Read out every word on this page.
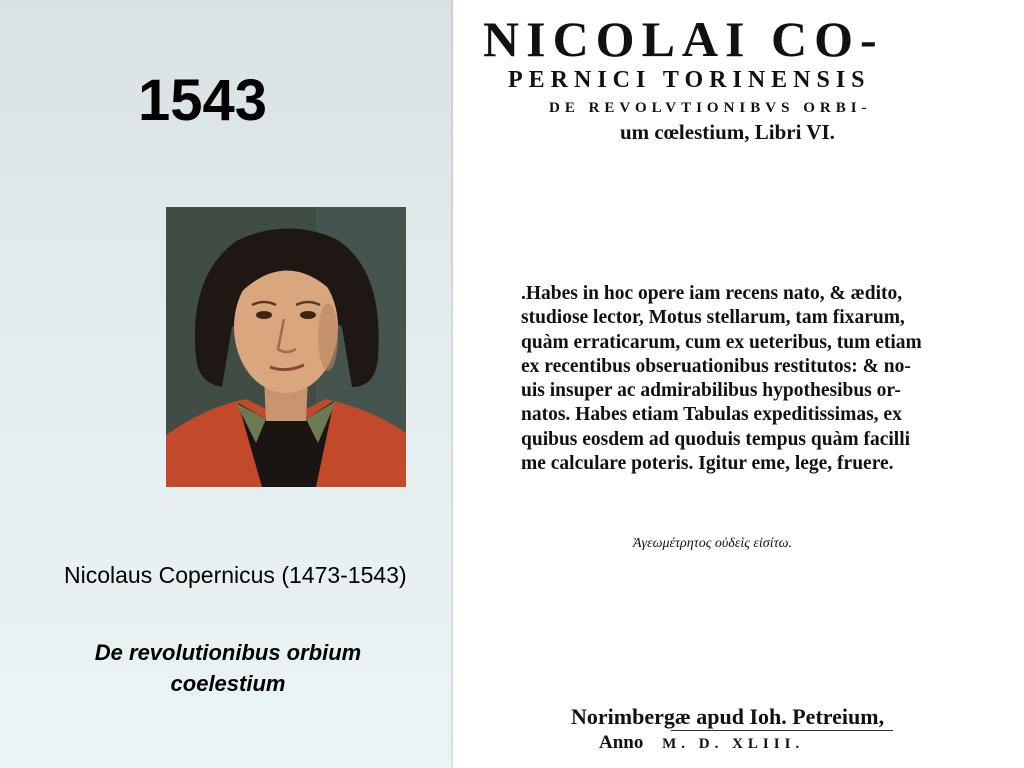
1543
Nicolaus Copernicus (1473-1543)
De revolutionibus orbium
coelestium
NICOLAI CO-
PERNICI TORINENSIS
DE REVOLVTIONIBVS ORBI-
um cœlestium, Libri VI.
.Habes in hoc opere iam recens nato, & ædito,
studiose lector, Motus stellarum, tam fixarum,
quàm erraticarum, cum ex ueteribus, tum etiam
ex recentibus obseruationibus restitutos: & no-
uis insuper ac admirabilibus hypothesibus or-
natos. Habes etiam Tabulas expeditissimas, ex
quibus eosdem ad quoduis tempus quàm facilli
me calculare poteris. Igitur eme, lege, fruere.
Ἀγεωμέτρητος οὐδεὶς εἰσίτω.
Norimbergæ apud Ioh. Petreium,
Anno M. D. XLIII.
